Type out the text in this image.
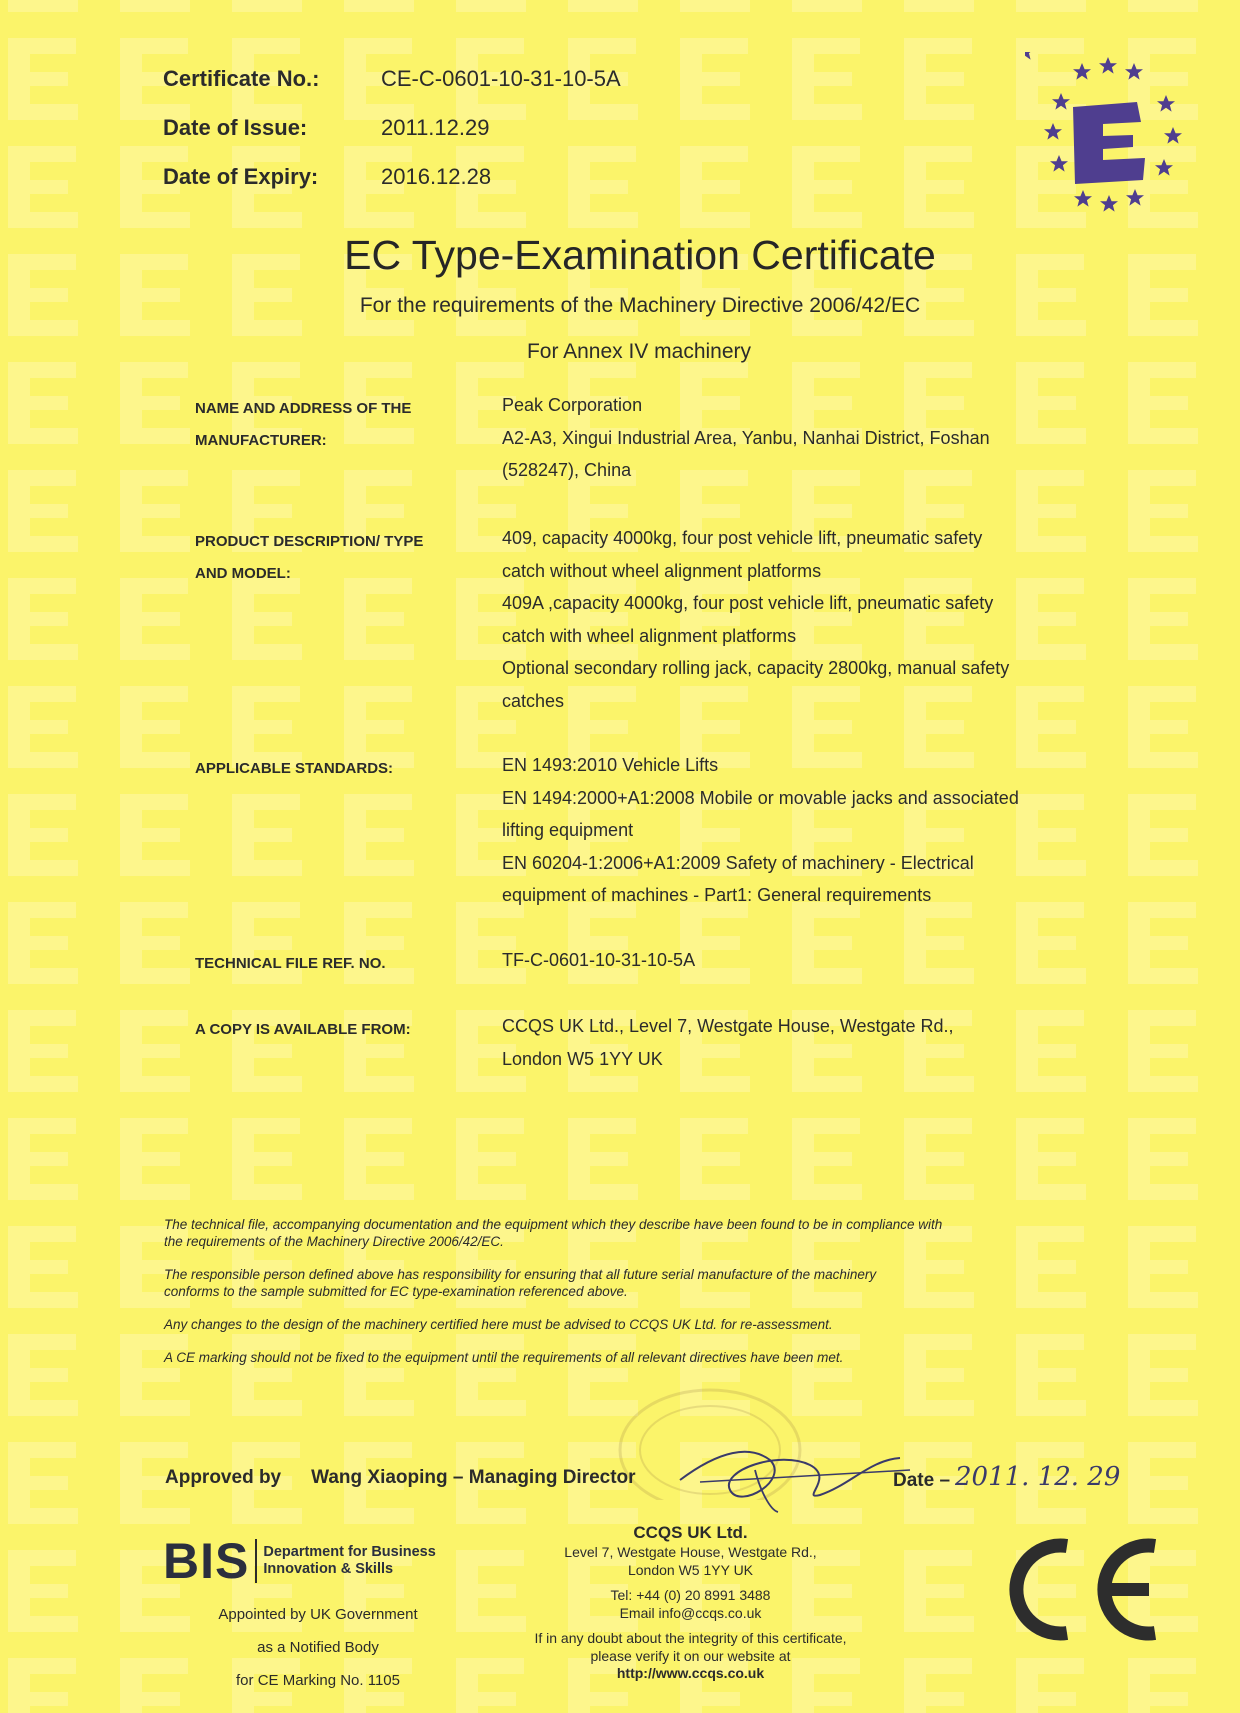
Certificate No.:	CE-C-0601-10-31-10-5A
Date of Issue:	2011.12.29
Date of Expiry:	2016.12.28
EC Type-Examination Certificate
For the requirements of the Machinery Directive 2006/42/EC
For Annex IV machinery
NAME AND ADDRESS OF THE
MANUFACTURER:
Peak Corporation
A2-A3, Xingui Industrial Area, Yanbu, Nanhai District, Foshan
(528247), China
PRODUCT DESCRIPTION/ TYPE
AND MODEL:
409, capacity 4000kg, four post vehicle lift, pneumatic safety
catch without wheel alignment platforms
409A ,capacity 4000kg, four post vehicle lift, pneumatic safety
catch with wheel alignment platforms
Optional secondary rolling jack, capacity 2800kg, manual safety
catches
APPLICABLE STANDARDS:	EN 1493:2010 Vehicle Lifts
EN 1494:2000+A1:2008 Mobile or movable jacks and associated
lifting equipment
EN 60204-1:2006+A1:2009 Safety of machinery - Electrical
equipment of machines - Part1: General requirements
TECHNICAL FILE REF. NO.	TF-C-0601-10-31-10-5A
A COPY IS AVAILABLE FROM:	CCQS UK Ltd., Level 7, Westgate House, Westgate Rd.,
London W5 1YY UK

The technical file, accompanying documentation and the equipment which they describe have been found to be in compliance with
the requirements of the Machinery Directive 2006/42/EC.

The responsible person defined above has responsibility for ensuring that all future serial manufacture of the machinery
conforms to the sample submitted for EC type-examination referenced above.

Any changes to the design of the machinery certified here must be advised to CCQS UK Ltd. for re-assessment.

A CE marking should not be fixed to the equipment until the requirements of all relevant directives have been met.

Approved by Wang Xiaoping – Managing Director	Date – 2011. 12. 29
BIS Department for Business
Innovation & Skills
Appointed by UK Government
as a Notified Body
for CE Marking No. 1105
CCQS UK Ltd.
Level 7, Westgate House, Westgate Rd.,
London W5 1YY UK
Tel: +44 (0) 20 8991 3488
Email info@ccqs.co.uk
If in any doubt about the integrity of this certificate,
please verify it on our website at
http://www.ccqs.co.uk
